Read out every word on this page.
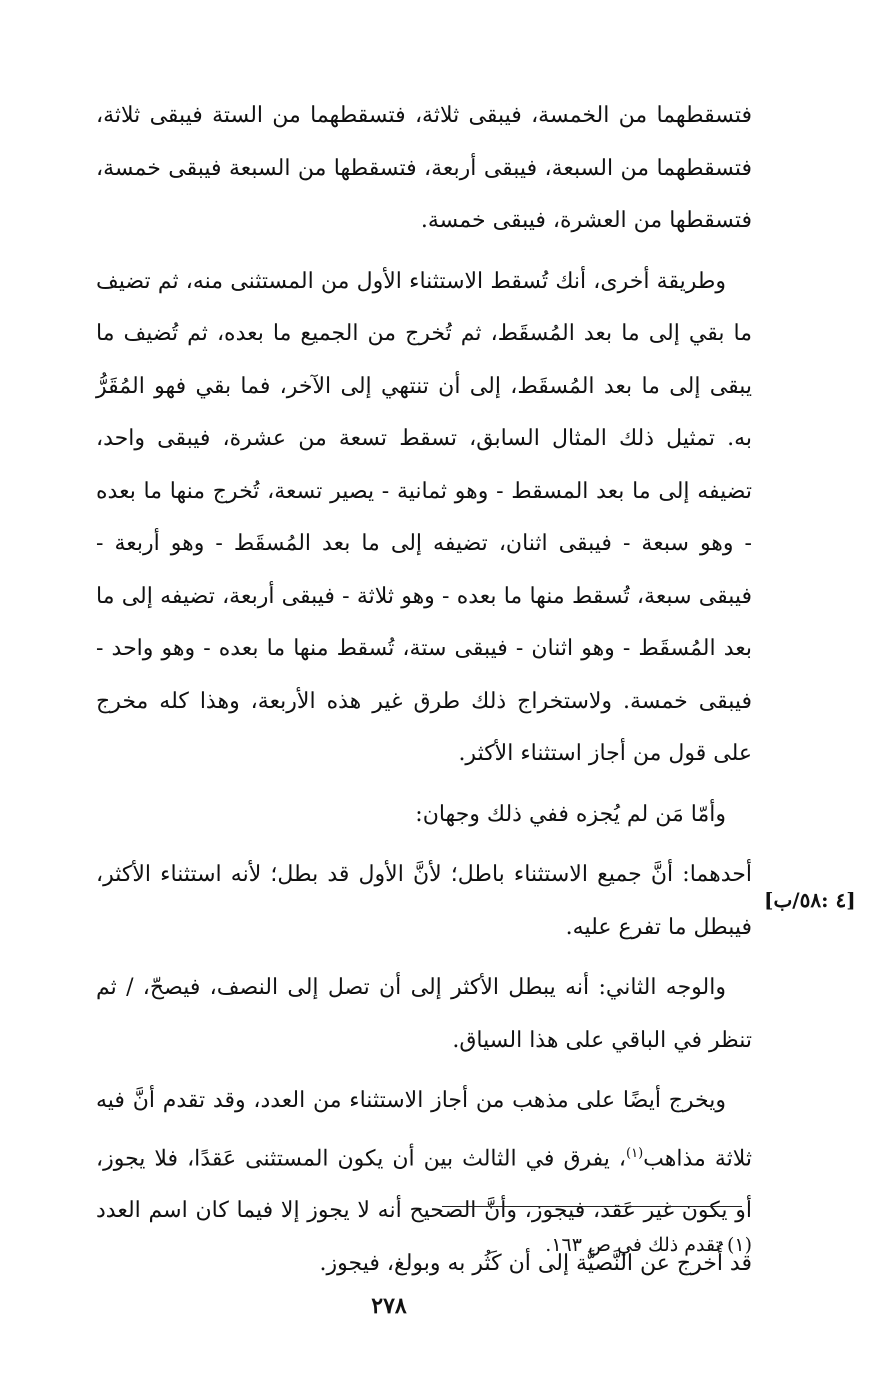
فتسقطهما من الخمسة، فيبقى ثلاثة، فتسقطهما من الستة فيبقى ثلاثة، فتسقطهما من السبعة، فيبقى أربعة، فتسقطها من السبعة فيبقى خمسة، فتسقطها من العشرة، فيبقى خمسة.

وطريقة أخرى، أنك تُسقط الاستثناء الأول من المستثنى منه، ثم تضيف ما بقي إلى ما بعد المُسقَط، ثم تُخرج من الجميع ما بعده، ثم تُضيف ما يبقى إلى ما بعد المُسقَط، إلى أن تنتهي إلى الآخر، فما بقي فهو المُقَرُّ به. تمثيل ذلك المثال السابق، تسقط تسعة من عشرة، فيبقى واحد، تضيفه إلى ما بعد المسقط - وهو ثمانية - يصير تسعة، تُخرج منها ما بعده - وهو سبعة - فيبقى اثنان، تضيفه إلى ما بعد المُسقَط - وهو أربعة - فيبقى سبعة، تُسقط منها ما بعده - وهو ثلاثة - فيبقى أربعة، تضيفه إلى ما بعد المُسقَط - وهو اثنان - فيبقى ستة، تُسقط منها ما بعده - وهو واحد - فيبقى خمسة. ولاستخراج ذلك طرق غير هذه الأربعة، وهذا كله مخرج على قول من أجاز استثناء الأكثر.

وأمّا مَن لم يُجزه ففي ذلك وجهان:

أحدهما: أنَّ جميع الاستثناء باطل؛ لأنَّ الأول قد بطل؛ لأنه استثناء الأكثر، فيبطل ما تفرع عليه.

والوجه الثاني: أنه يبطل الأكثر إلى أن تصل إلى النصف، فيصحّ، / ثم تنظر في الباقي على هذا السياق.

ويخرج أيضًا على مذهب من أجاز الاستثناء من العدد، وقد تقدم أنَّ فيه ثلاثة مذاهب$^{(١)}$، يفرق في الثالث بين أن يكون المستثنى عَقدًا، فلا يجوز، أو يكون غير عَقد، فيجوز، وأنَّ الصحيح أنه لا يجوز إلا فيما كان اسم العدد قد أُخرج عن النَّصيَّة إلى أن كَثُر به وبولغ، فيجوز.

[٤ :٥٨/ب]
(١) تقدم ذلك في ص ١٦٣.
٢٧٨
